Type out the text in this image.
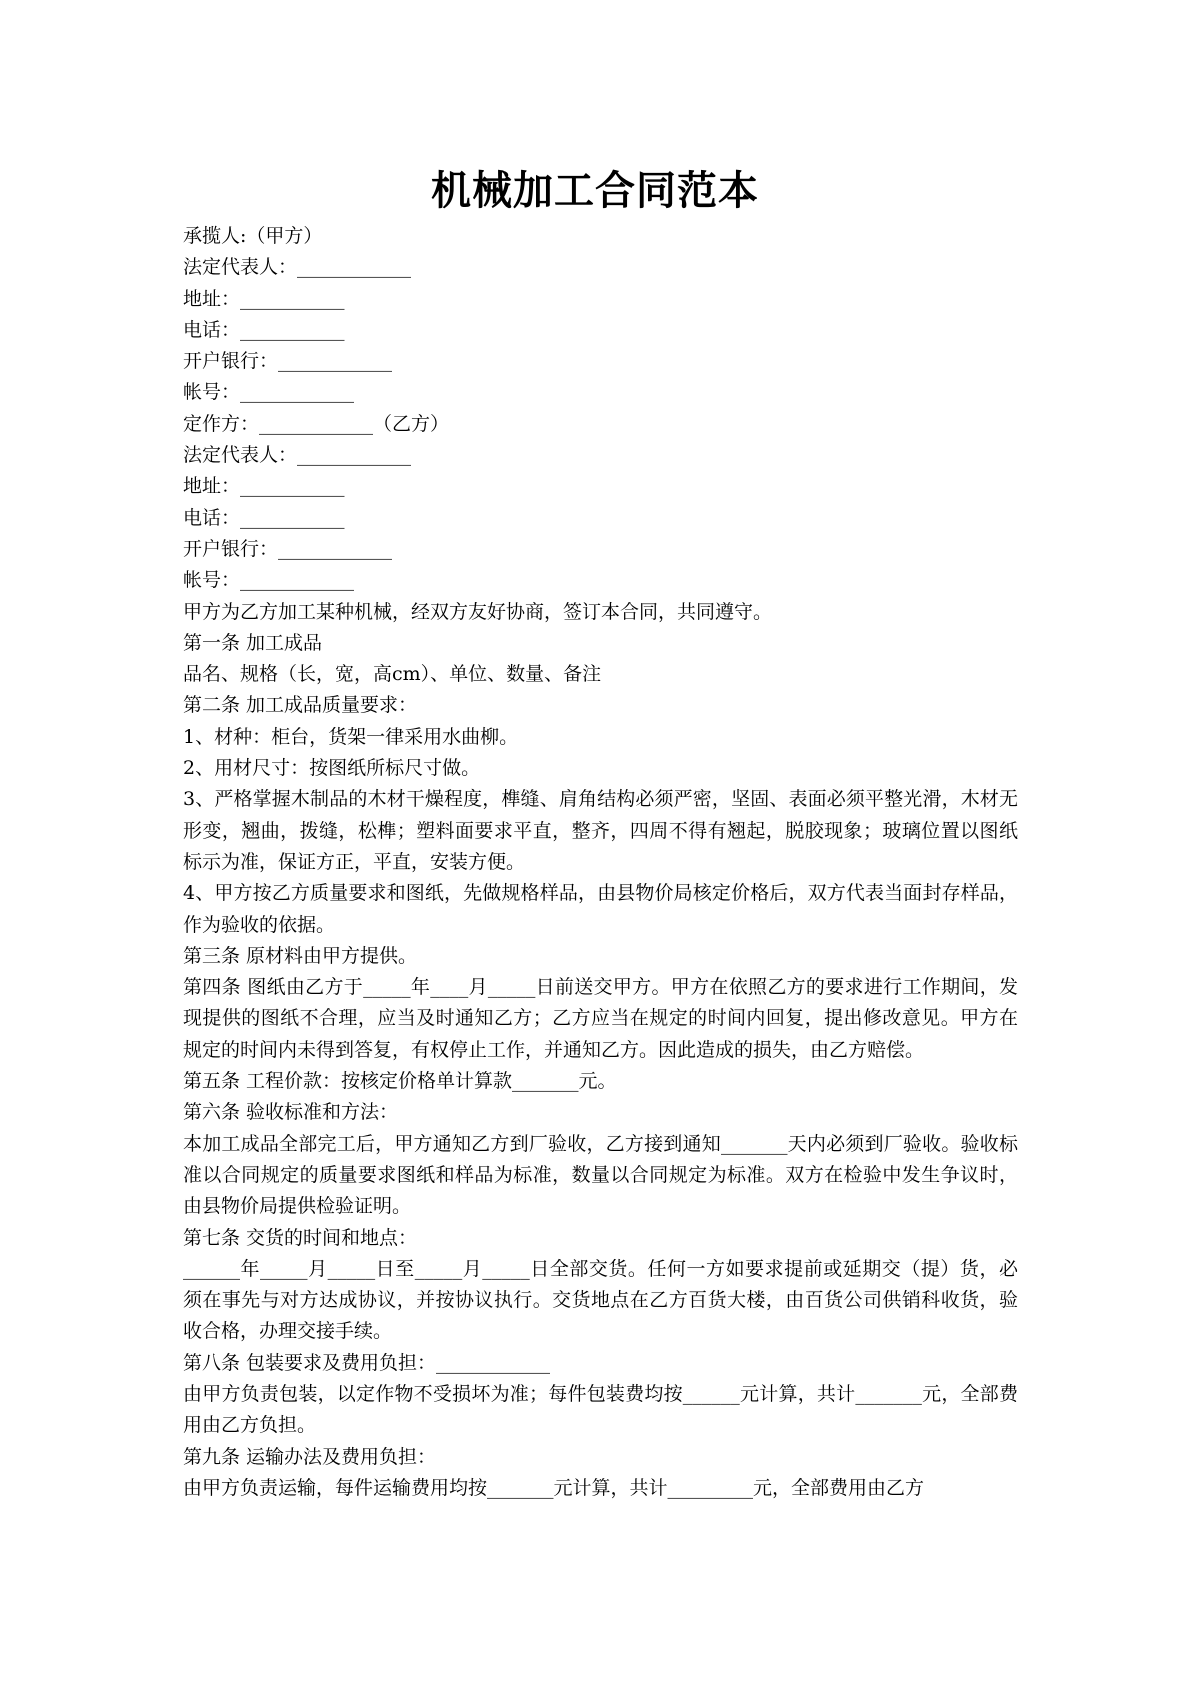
机械加工合同范本

承揽人:（甲方）

法定代表人：____________

地址：___________

电话：___________

开户银行：____________

帐号：____________

定作方：____________（乙方）

法定代表人：____________

地址：___________

电话：___________

开户银行：____________

帐号：____________

甲方为乙方加工某种机械，经双方友好协商，签订本合同，共同遵守。

第一条 加工成品

品名、规格（长，宽，高cm）、单位、数量、备注

第二条 加工成品质量要求：

1、材种：柜台，货架一律采用水曲柳。

2、用材尺寸：按图纸所标尺寸做。

3、严格掌握木制品的木材干燥程度，榫缝、肩角结构必须严密，坚固、表面必须平整光滑，木材无形变，翘曲，拨缝，松榫；塑料面要求平直，整齐，四周不得有翘起，脱胶现象；玻璃位置以图纸标示为准，保证方正，平直，安装方便。

4、甲方按乙方质量要求和图纸，先做规格样品，由县物价局核定价格后，双方代表当面封存样品，作为验收的依据。

第三条 原材料由甲方提供。

第四条 图纸由乙方于_____年____月_____日前送交甲方。甲方在依照乙方的要求进行工作期间，发现提供的图纸不合理，应当及时通知乙方；乙方应当在规定的时间内回复，提出修改意见。甲方在规定的时间内未得到答复，有权停止工作，并通知乙方。因此造成的损失，由乙方赔偿。

第五条 工程价款：按核定价格单计算款_______元。

第六条 验收标准和方法：

本加工成品全部完工后，甲方通知乙方到厂验收，乙方接到通知_______天内必须到厂验收。验收标准以合同规定的质量要求图纸和样品为标准，数量以合同规定为标准。双方在检验中发生争议时，由县物价局提供检验证明。

第七条 交货的时间和地点：

______年_____月_____日至_____月_____日全部交货。任何一方如要求提前或延期交（提）货，必须在事先与对方达成协议，并按协议执行。交货地点在乙方百货大楼，由百货公司供销科收货，验收合格，办理交接手续。

第八条 包装要求及费用负担：____________

由甲方负责包装，以定作物不受损坏为准；每件包装费均按______元计算，共计_______元，全部费用由乙方负担。

第九条 运输办法及费用负担：

由甲方负责运输，每件运输费用均按_______元计算，共计_________元，全部费用由乙方
